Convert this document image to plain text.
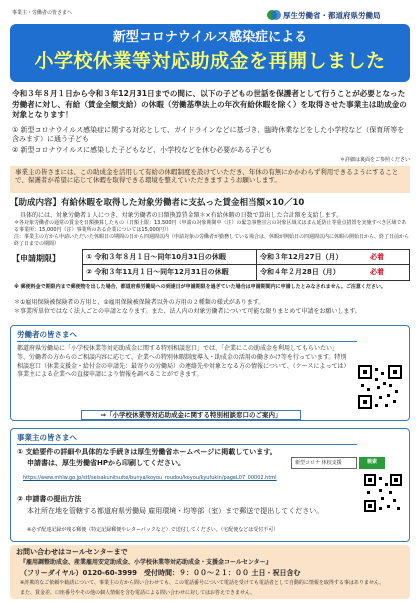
事業主・労働者の皆さまへ	厚生労働省・都道府県労働局
新型コロナウイルス感染症による
小学校休業等対応助成金を再開しました
令和３年８月１日から令和３年12月31日までの間に、以下の子どもの世話を保護者として行うことが必要となった労働者に対し、有給（賃金全額支給）の休暇（労働基準法上の年次有給休暇を除く）を取得させた事業主は助成金の対象となります！
① 新型コロナウイルス感染症に関する対応として、ガイドラインなどに基づき、臨時休業などをした小学校など（保育所等を含みます）に通う子ども
② 新型コロナウイルスに感染した子どもなど、小学校などを休む必要がある子ども
＊詳細は裏面をご参照ください
事業主の皆さまには、この助成金を活用して有給の休暇制度を設けていただき、年休の有無にかかわらず利用できるようにすることで、保護者が希望に応じて休暇を取得できる環境を整えていただきますようお願いします。
【助成内容】有給休暇を取得した対象労働者に支払った賃金相当額×10／10
具体的には、対象労働者１人につき、対象労働者の日額換算賃金額＊×有給休暇の日数で算出した合計額を支給します。
＊各対象労働者の通常の賃金を日額換算したもの（日額上限：13,500円（申請の対象期間中（注）の緊急事態宣言の対象区域又はまん延防止等重点措置を実施すべき区域である事業所：15,000円（注）事業所のある企業については15,000円））
注：事業主の方から申請いただいた休暇日の期間の日から四週間以内（申請対象の労働者が勤務している場合は、休暇が開始日の四週間以内に休暇の開始日から、終了日前から終了日までの期間）
【申請期限】	① 令和３年８月１日～同年10月31日の休暇	令和３年12月27日（月）	必着
② 令和３年11月１日～同年12月31日の休暇	令和４年２月28日（月）	必着
※ 郵便料金で期限内まで郵便物を出した場合、都道府県労働局への到達日が申請期限を過ぎていた場合は申請期間内に申請したとみなされません。ご注意ください。
＊①雇用保険被保険者の方用と、②雇用保険被保険者以外の方用の２種類の様式があります。
＊事業所単位ではなく法人ごとの申請となります。また、法人内の対象労働者について可能な限りまとめて申請をお願いします。
労働者の皆さまへ
都道府県労働局に「小学校休業等対応助成金に関する特別相談窓口」では、「企業にこの助成金を利用してもらいたい」等、労働者の方からのご相談内容に応じて、企業への特別休暇制度導入・助成金の活用の働きかけ等を行っています。特別相談窓口（休業支援金・給付金の申請先：最寄りの労働局）の連絡先や対象となる方の情報について、（ケースによっては）事業主による企業への直接申請により情報を調べることができます。
⇒「小学校休業等対応助成金に関する特別相談窓口のご案内」
事業主の皆さまへ
① 支給要件の詳細や具体的な手続きは厚生労働省ホームページに掲載しています。
申請書は、厚生労働省HPから印刷してください。	新型コロナ 休校支援	検索
https://www.mhlw.go.jp/stf/seisakunitsuite/bunya/koyou_roudou/koyou/kyufukin/pageL07_00002.html
② 申請書の提出方法
本社所在地を管轄する都道府県労働局 雇用環境・均等部（室）まで郵送で提出してください。
※必ず配達記録が残る郵便（特定記録郵便やレターパックなど）で送付してください。（宅配便などは受付不可）
お問い合わせはコールセンターまで
『雇用調整助成金、産業雇用安定助成金、小学校休業等対応助成金・支援金コールセンター』
（フリーダイヤル）0120-60-3999　受付時間：９：００～２１：００ 土日・祝日含む
※詐欺的なご依頼や勧誘について、事業主の方から問い合わせても、この電話番号について電話を受けても電話者として自動的に情報を取得する事はありません。
また、賃金差、口座番号やその他の個人情報を含む電話による問い合わせに対してはお答えできません。
